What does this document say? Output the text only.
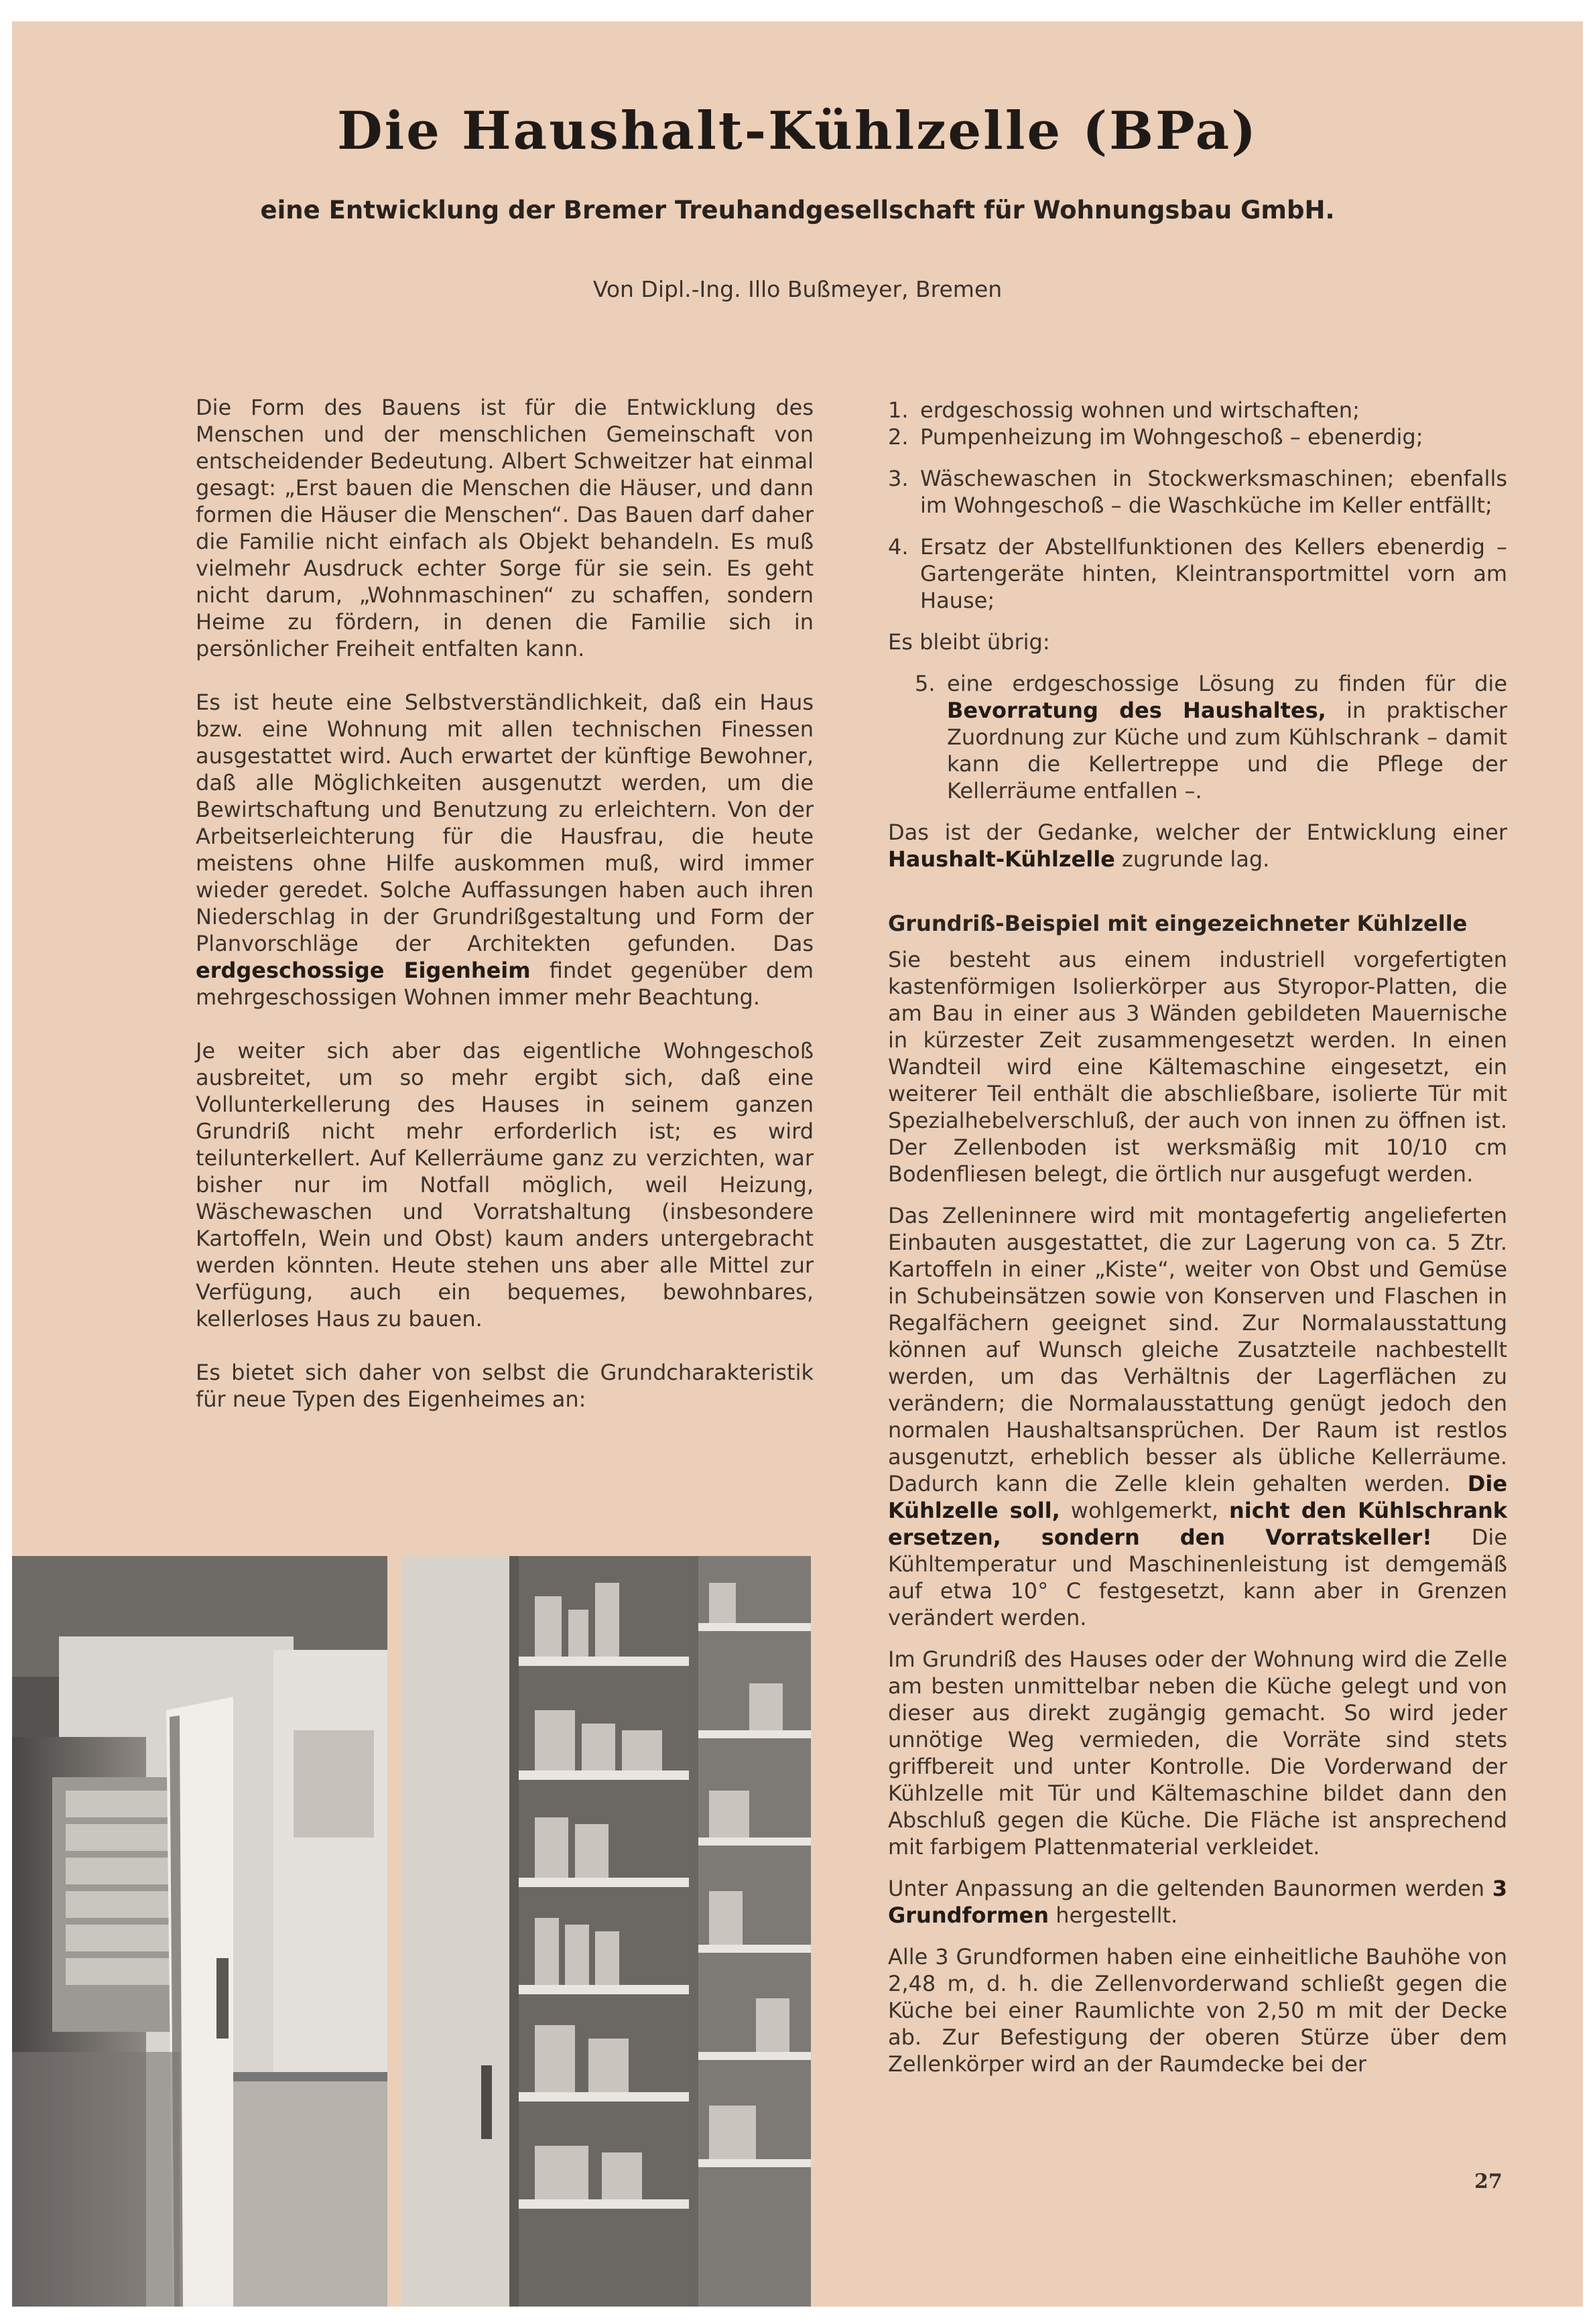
Die Haushalt-Kühlzelle (BPa)
eine Entwicklung der Bremer Treuhandgesellschaft für Wohnungsbau GmbH.
Von Dipl.-Ing. Illo Bußmeyer, Bremen

Die Form des Bauens ist für die Entwicklung des Menschen und der menschlichen Gemeinschaft von entscheidender Bedeutung. Albert Schweitzer hat einmal gesagt: „Erst bauen die Menschen die Häuser, und dann formen die Häuser die Menschen“. Das Bauen darf daher die Familie nicht einfach als Objekt behandeln. Es muß vielmehr Ausdruck echter Sorge für sie sein. Es geht nicht darum, „Wohnmaschinen“ zu schaffen, sondern Heime zu fördern, in denen die Familie sich in persönlicher Freiheit entfalten kann.

Es ist heute eine Selbstverständlichkeit, daß ein Haus bzw. eine Wohnung mit allen technischen Finessen ausgestattet wird. Auch erwartet der künftige Bewohner, daß alle Möglichkeiten ausgenutzt werden, um die Bewirtschaftung und Benutzung zu erleichtern. Von der Arbeitserleichterung für die Hausfrau, die heute meistens ohne Hilfe auskommen muß, wird immer wieder geredet. Solche Auffassungen haben auch ihren Niederschlag in der Grundrißgestaltung und Form der Planvorschläge der Architekten gefunden. Das erdgeschossige Eigenheim findet gegenüber dem mehrgeschossigen Wohnen immer mehr Beachtung.

Je weiter sich aber das eigentliche Wohngeschoß ausbreitet, um so mehr ergibt sich, daß eine Vollunterkellerung des Hauses in seinem ganzen Grundriß nicht mehr erforderlich ist; es wird teilunterkellert. Auf Kellerräume ganz zu verzichten, war bisher nur im Notfall möglich, weil Heizung, Wäschewaschen und Vorratshaltung (insbesondere Kartoffeln, Wein und Obst) kaum anders untergebracht werden könnten. Heute stehen uns aber alle Mittel zur Verfügung, auch ein bequemes, bewohnbares, kellerloses Haus zu bauen.

Es bietet sich daher von selbst die Grundcharakteristik für neue Typen des Eigenheimes an:

1. erdgeschossig wohnen und wirtschaften;
2. Pumpenheizung im Wohngeschoß – ebenerdig;
3. Wäschewaschen in Stockwerksmaschinen; ebenfalls im Wohngeschoß – die Waschküche im Keller entfällt;
4. Ersatz der Abstellfunktionen des Kellers ebenerdig – Gartengeräte hinten, Kleintransportmittel vorn am Hause;

Es bleibt übrig:

5. eine erdgeschossige Lösung zu finden für die Bevorratung des Haushaltes, in praktischer Zuordnung zur Küche und zum Kühlschrank – damit kann die Kellertreppe und die Pflege der Kellerräume entfallen –.

Das ist der Gedanke, welcher der Entwicklung einer Haushalt-Kühlzelle zugrunde lag.

Grundriß-Beispiel mit eingezeichneter Kühlzelle

Sie besteht aus einem industriell vorgefertigten kastenförmigen Isolierkörper aus Styropor-Platten, die am Bau in einer aus 3 Wänden gebildeten Mauernische in kürzester Zeit zusammengesetzt werden. In einen Wandteil wird eine Kältemaschine eingesetzt, ein weiterer Teil enthält die abschließbare, isolierte Tür mit Spezialhebelverschluß, der auch von innen zu öffnen ist. Der Zellenboden ist werksmäßig mit 10/10 cm Bodenfliesen belegt, die örtlich nur ausgefugt werden.

Das Zelleninnere wird mit montagefertig angelieferten Einbauten ausgestattet, die zur Lagerung von ca. 5 Ztr. Kartoffeln in einer „Kiste“, weiter von Obst und Gemüse in Schubeinsätzen sowie von Konserven und Flaschen in Regalfächern geeignet sind. Zur Normalausstattung können auf Wunsch gleiche Zusatzteile nachbestellt werden, um das Verhältnis der Lagerflächen zu verändern; die Normalausstattung genügt jedoch den normalen Haushaltsansprüchen. Der Raum ist restlos ausgenutzt, erheblich besser als übliche Kellerräume. Dadurch kann die Zelle klein gehalten werden. Die Kühlzelle soll, wohlgemerkt, nicht den Kühlschrank ersetzen, sondern den Vorratskeller! Die Kühltemperatur und Maschinenleistung ist demgemäß auf etwa 10° C festgesetzt, kann aber in Grenzen verändert werden.

Im Grundriß des Hauses oder der Wohnung wird die Zelle am besten unmittelbar neben die Küche gelegt und von dieser aus direkt zugängig gemacht. So wird jeder unnötige Weg vermieden, die Vorräte sind stets griffbereit und unter Kontrolle. Die Vorderwand der Kühlzelle mit Tür und Kältemaschine bildet dann den Abschluß gegen die Küche. Die Fläche ist ansprechend mit farbigem Plattenmaterial verkleidet.

Unter Anpassung an die geltenden Baunormen werden 3 Grundformen hergestellt.

Alle 3 Grundformen haben eine einheitliche Bauhöhe von 2,48 m, d. h. die Zellenvorderwand schließt gegen die Küche bei einer Raumlichte von 2,50 m mit der Decke ab. Zur Befestigung der oberen Stürze über dem Zellenkörper wird an der Raumdecke bei der

27
